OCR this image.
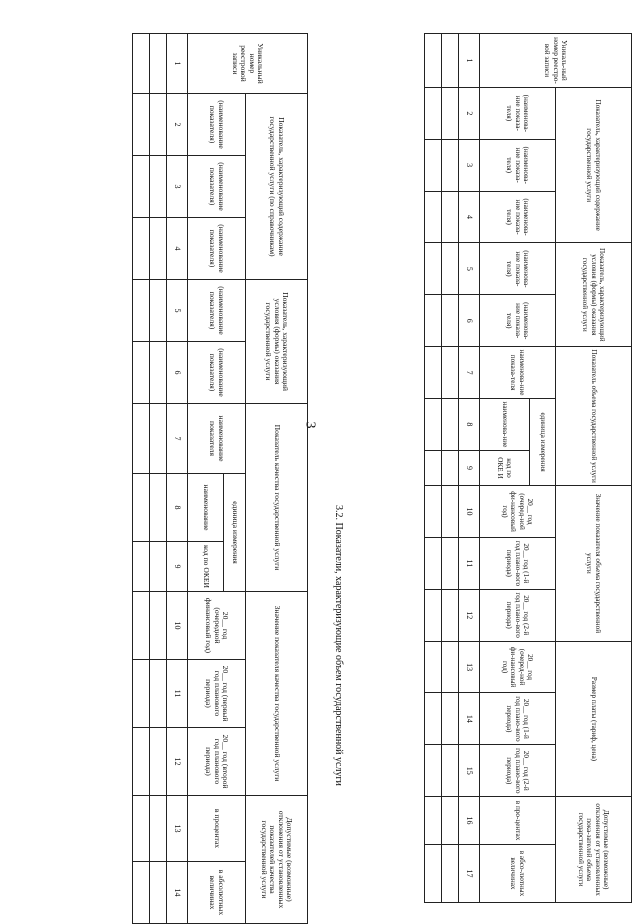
3
Уникальный номер реестровой записи	Показатель, характеризующий содержание государственной услуги (по справочникам)			Показатель, характеризующий условия (формы) оказания государственной услуги		Показатель качества государственной услуги			Значение показателя качества государственной услуги			Допустимые (возможные) отклонения от установленных показателей качества государственной услуги	
	(наименование показателя)	(наименование показателя)	(наименование показателя)	(наименование показателя)	(наименование показателя)	наименование показателя	единица измерения		20__ год (очередной финансовый год)	20__ год (первый год планового периода)	20__ год (второй год планового периода)	в процентах	в абсолютных величинах
							наименование	код по ОКЕИ					
1	2	3	4	5	6	7	8	9	10	11	12	13	14

3.2. Показатели, характеризующие объем государственной услуги
Уникаль-ный номер реестро-вой записи	Показатель, характеризующий содержание государственной услуги			Показатель, характеризующий условия (формы) оказания государственной услуги		Показатель объема государственной услуги			Значение показателя объема государственной услуги			Размер платы (тариф, цена)			Допустимые (возможные) отклонения от установленных пока-зателей объема государственной услуги	
	(наименова-ние показа-теля)	(наименова-ние показа-теля)	(наименова-ние показа-теля)	(наименова-ние показа-теля)	(наименова-ние показа-теля)	наименова-ние показа-теля	единица измерения		20__ год (очеред-ной фи-нансовый год)	20__ год (1-й год плано-вого периода)	20__ год (2-й год плано-вого периода)	20__ год (очеред-ной фи-нансовый год)	20__ год (1-й год плано-вого периода)	20__ год (2-й год плано-вого периода)	в про-центах	в абсо-лютных величинах
							наименова-ние	код по ОКЕ И								
1	2	3	4	5	6	7	8	9	10	11	12	13	14	15	16	17
